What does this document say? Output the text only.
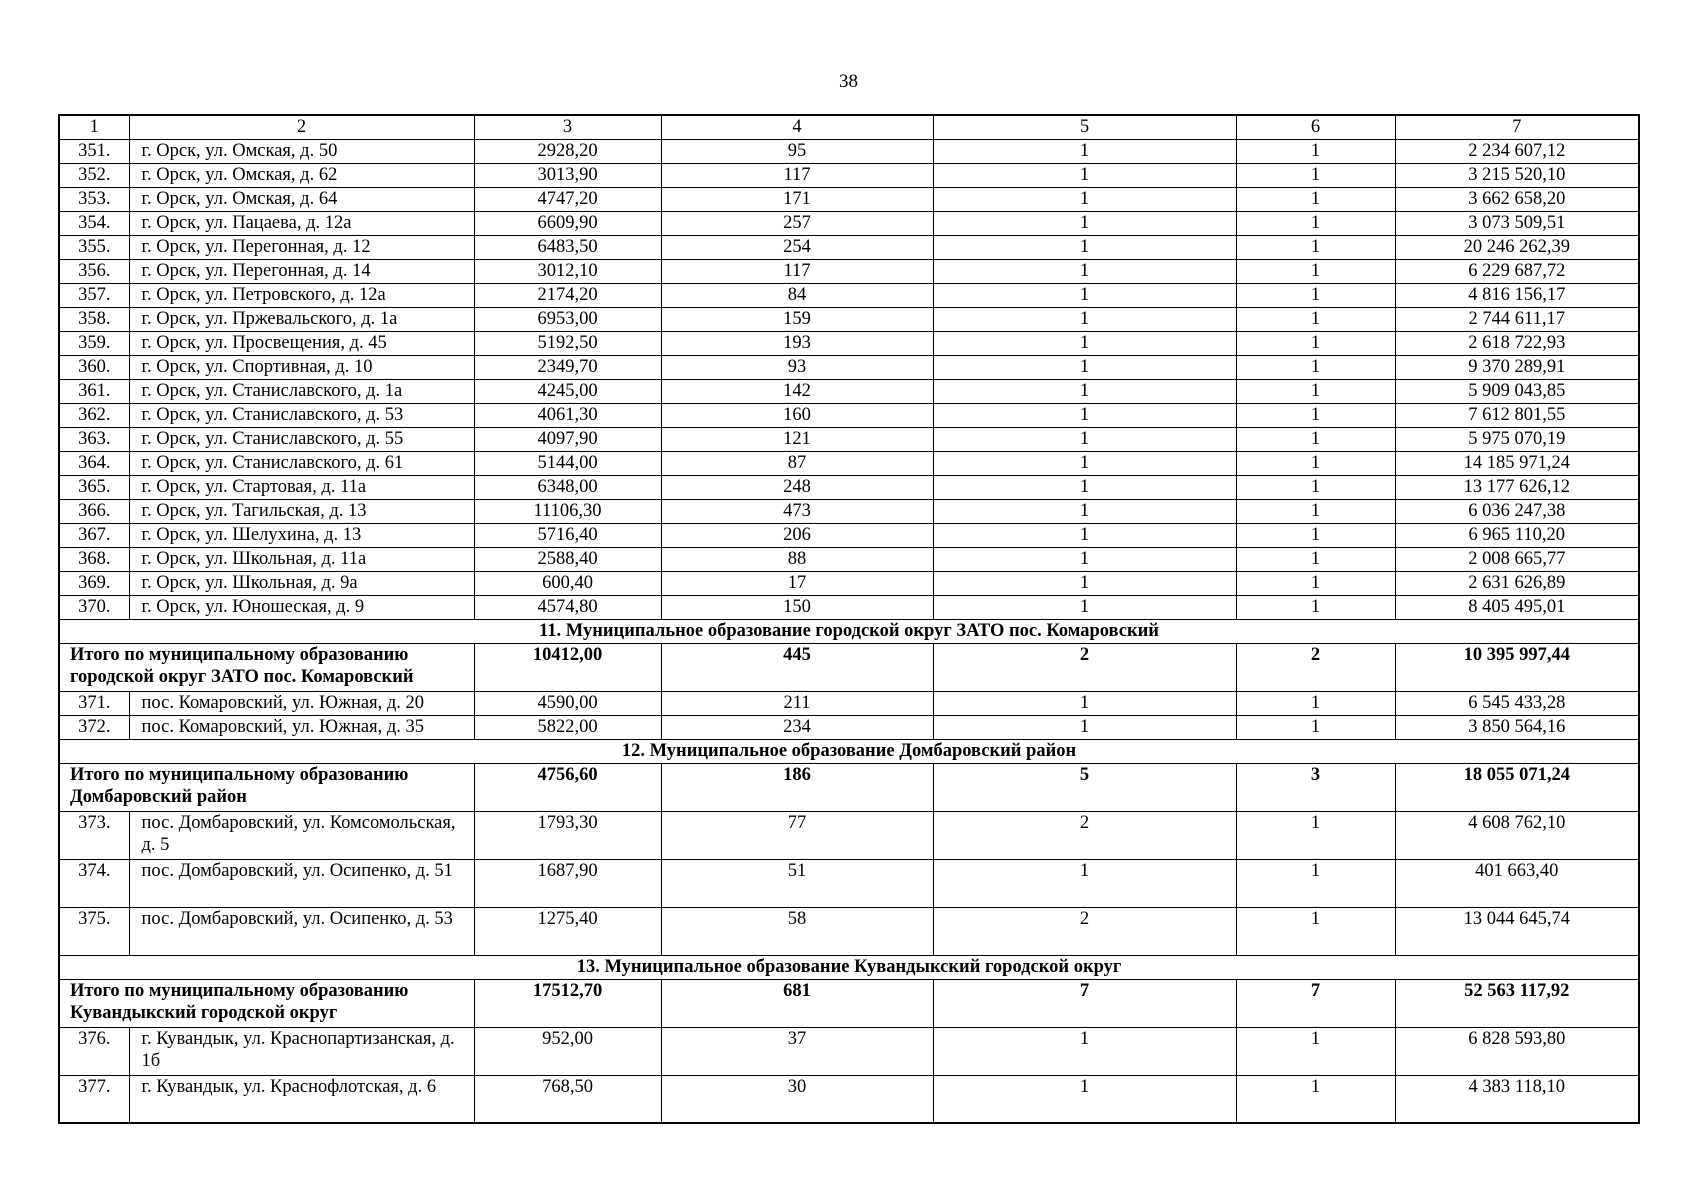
38
1	2	3	4	5	6	7
351.	г. Орск, ул. Омская, д. 50	2928,20	95	1	1	2 234 607,12
352.	г. Орск, ул. Омская, д. 62	3013,90	117	1	1	3 215 520,10
353.	г. Орск, ул. Омская, д. 64	4747,20	171	1	1	3 662 658,20
354.	г. Орск, ул. Пацаева, д. 12а	6609,90	257	1	1	3 073 509,51
355.	г. Орск, ул. Перегонная, д. 12	6483,50	254	1	1	20 246 262,39
356.	г. Орск, ул. Перегонная, д. 14	3012,10	117	1	1	6 229 687,72
357.	г. Орск, ул. Петровского, д. 12а	2174,20	84	1	1	4 816 156,17
358.	г. Орск, ул. Пржевальского, д. 1а	6953,00	159	1	1	2 744 611,17
359.	г. Орск, ул. Просвещения, д. 45	5192,50	193	1	1	2 618 722,93
360.	г. Орск, ул. Спортивная, д. 10	2349,70	93	1	1	9 370 289,91
361.	г. Орск, ул. Станиславского, д. 1а	4245,00	142	1	1	5 909 043,85
362.	г. Орск, ул. Станиславского, д. 53	4061,30	160	1	1	7 612 801,55
363.	г. Орск, ул. Станиславского, д. 55	4097,90	121	1	1	5 975 070,19
364.	г. Орск, ул. Станиславского, д. 61	5144,00	87	1	1	14 185 971,24
365.	г. Орск, ул. Стартовая, д. 11а	6348,00	248	1	1	13 177 626,12
366.	г. Орск, ул. Тагильская, д. 13	11106,30	473	1	1	6 036 247,38
367.	г. Орск, ул. Шелухина, д. 13	5716,40	206	1	1	6 965 110,20
368.	г. Орск, ул. Школьная, д. 11а	2588,40	88	1	1	2 008 665,77
369.	г. Орск, ул. Школьная, д. 9а	600,40	17	1	1	2 631 626,89
370.	г. Орск, ул. Юношеская, д. 9	4574,80	150	1	1	8 405 495,01
11. Муниципальное образование городской округ ЗАТО пос. Комаровский						
Итого по муниципальному образованию городской округ ЗАТО пос. Комаровский		10412,00	445	2	2	10 395 997,44
371.	пос. Комаровский, ул. Южная, д. 20	4590,00	211	1	1	6 545 433,28
372.	пос. Комаровский, ул. Южная, д. 35	5822,00	234	1	1	3 850 564,16
12. Муниципальное образование Домбаровский район						
Итого по муниципальному образованию Домбаровский район		4756,60	186	5	3	18 055 071,24
373.	пос. Домбаровский, ул. Комсомольская, д. 5	1793,30	77	2	1	4 608 762,10
374.	пос. Домбаровский, ул. Осипенко, д. 51	1687,90	51	1	1	401 663,40
375.	пос. Домбаровский, ул. Осипенко, д. 53	1275,40	58	2	1	13 044 645,74
13. Муниципальное образование Кувандыкский городской округ						
Итого по муниципальному образованию Кувандыкский городской округ		17512,70	681	7	7	52 563 117,92
376.	г. Кувандык, ул. Краснопартизанская, д. 1б	952,00	37	1	1	6 828 593,80
377.	г. Кувандык, ул. Краснофлотская, д. 6	768,50	30	1	1	4 383 118,10
